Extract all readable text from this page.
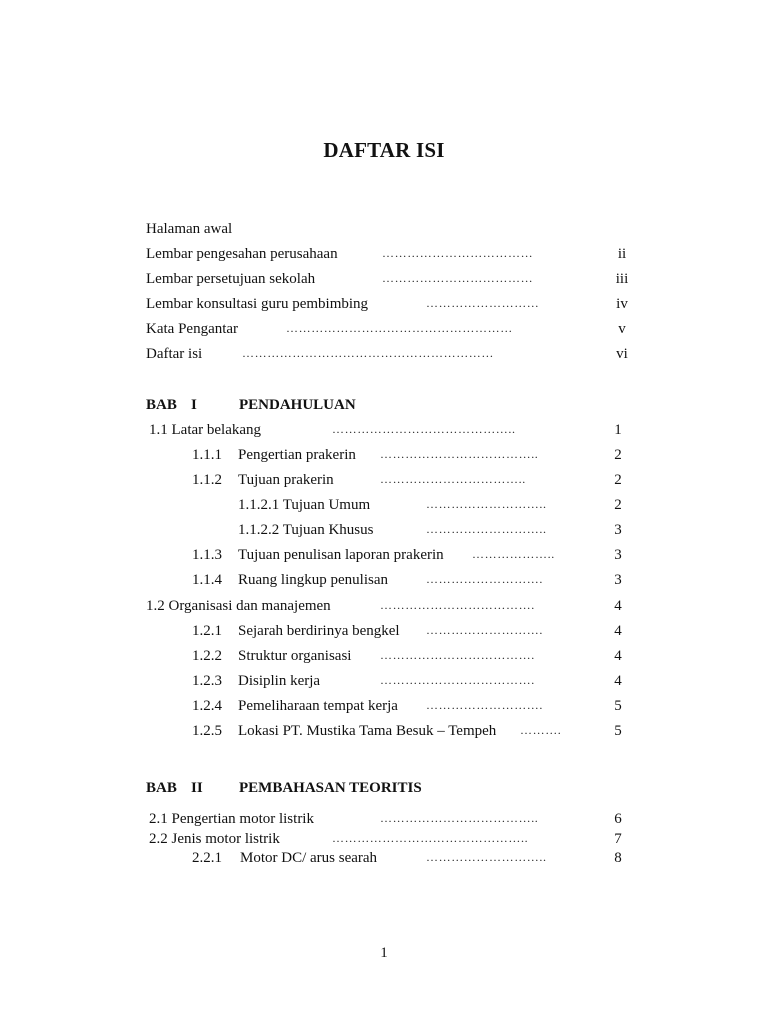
DAFTAR ISI
Halaman awal
Lembar pengesahan perusahaan	………………………………	ii
Lembar persetujuan sekolah	………………………………	iii
Lembar konsultasi guru pembimbing	………………………	iv
Kata Pengantar	………………………………………………	v
Daftar isi	……………………………………………………	vi
BAB I	PENDAHULUAN
1.1 Latar belakang	……………………………………..	1
1.1.1 Pengertian prakerin ………………………………..	2
1.1.2 Tujuan prakerin	……………………………..	2
1.1.2.1 Tujuan Umum	………………………..	2
1.1.2.2 Tujuan Khusus	………………………..	3
1.1.3 Tujuan penulisan laporan prakerin ………………..	3
1.1.4 Ruang lingkup penulisan	……………………….	3
1.2 Organisasi dan manajemen	……………………………….	4
1.2.1 Sejarah berdirinya bengkel ……………………….	4
1.2.2 Struktur organisasi ……………………………….	4
1.2.3 Disiplin kerja	……………………………….	4
1.2.4 Pemeliharaan tempat kerja ……………………….	5
1.2.5 Lokasi PT. Mustika Tama Besuk – Tempeh ……….	5
BAB II PEMBAHASAN TEORITIS
2.1 Pengertian motor listrik	………………………………..	6
2.2 Jenis motor listrik	………………………………………..	7
2.2.1 Motor DC/ arus searah	………………………..	8
1
